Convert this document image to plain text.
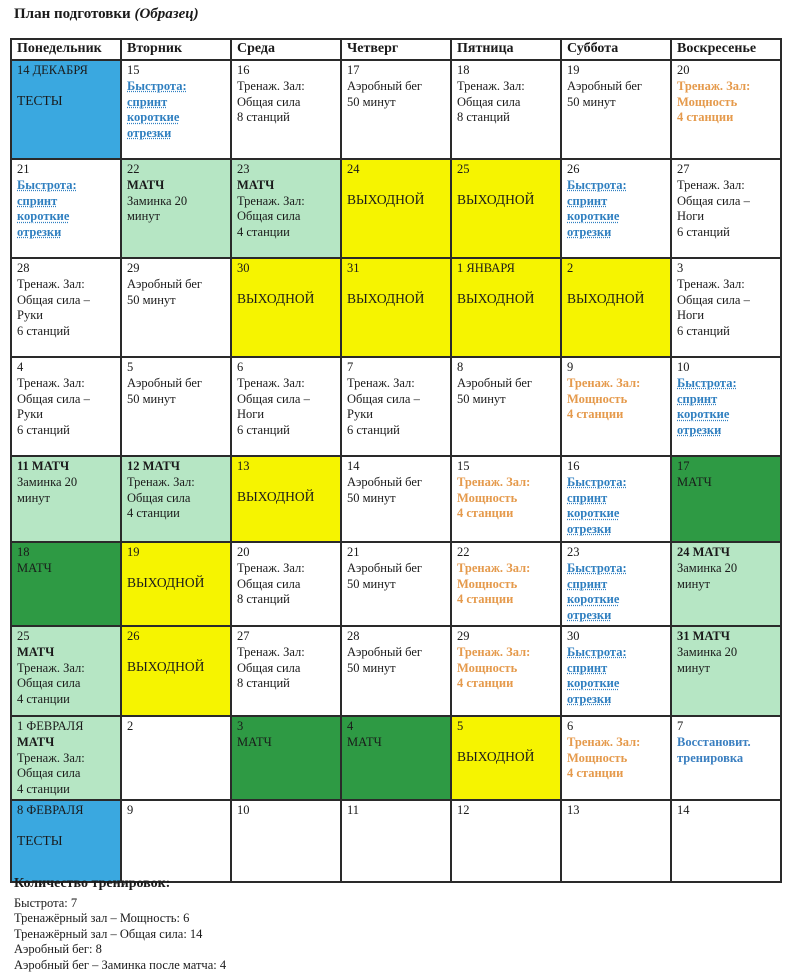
План подготовки (Образец)
Понедельник	Вторник	Среда	Четверг	Пятница	Суббота	Воскресенье

14 ДЕКАБРЯ
ТЕСТЫ	15
Быстрота:
спринт
короткие
отрезки	16
Тренаж. Зал:
Общая сила
8 станций	17
Аэробный бег
50 минут	18
Тренаж. Зал:
Общая сила
8 станций	19
Аэробный бег
50 минут	20
Тренаж. Зал:
Мощность
4 станции

21
Быстрота:
спринт
короткие
отрезки	22
МАТЧ
Заминка 20
минут	23
МАТЧ
Тренаж. Зал:
Общая сила
4 станции	24
ВЫХОДНОЙ	25
ВЫХОДНОЙ	26
Быстрота:
спринт
короткие
отрезки	27
Тренаж. Зал:
Общая сила –
Ноги
6 станций

28
Тренаж. Зал:
Общая сила –
Руки
6 станций	29
Аэробный бег
50 минут	30
ВЫХОДНОЙ	31
ВЫХОДНОЙ	1 ЯНВАРЯ
ВЫХОДНОЙ	2
ВЫХОДНОЙ	3
Тренаж. Зал:
Общая сила –
Ноги
6 станций

4
Тренаж. Зал:
Общая сила –
Руки
6 станций	5
Аэробный бег
50 минут	6
Тренаж. Зал:
Общая сила –
Ноги
6 станций	7
Тренаж. Зал:
Общая сила –
Руки
6 станций	8
Аэробный бег
50 минут	9
Тренаж. Зал:
Мощность
4 станции	10
Быстрота:
спринт
короткие
отрезки

11 МАТЧ
Заминка 20
минут	12 МАТЧ
Тренаж. Зал:
Общая сила
4 станции	13
ВЫХОДНОЙ	14
Аэробный бег
50 минут	15
Тренаж. Зал:
Мощность
4 станции	16
Быстрота:
спринт
короткие
отрезки	17
МАТЧ

18
МАТЧ	19
ВЫХОДНОЙ	20
Тренаж. Зал:
Общая сила
8 станций	21
Аэробный бег
50 минут	22
Тренаж. Зал:
Мощность
4 станции	23
Быстрота:
спринт
короткие
отрезки	24 МАТЧ
Заминка 20
минут

25
МАТЧ
Тренаж. Зал:
Общая сила
4 станции	26
ВЫХОДНОЙ	27
Тренаж. Зал:
Общая сила
8 станций	28
Аэробный бег
50 минут	29
Тренаж. Зал:
Мощность
4 станции	30
Быстрота:
спринт
короткие
отрезки	31 МАТЧ
Заминка 20
минут

1 ФЕВРАЛЯ
МАТЧ
Тренаж. Зал:
Общая сила
4 станции	2	3
МАТЧ	4
МАТЧ	5
ВЫХОДНОЙ	6
Тренаж. Зал:
Мощность
4 станции	7
Восстановит.
тренировка

8 ФЕВРАЛЯ
ТЕСТЫ	9	10	11	12	13	14
Количество тренировок:
Быстрота: 7
Тренажёрный зал – Мощность: 6
Тренажёрный зал – Общая сила: 14
Аэробный бег: 8
Аэробный бег – Заминка после матча: 4
